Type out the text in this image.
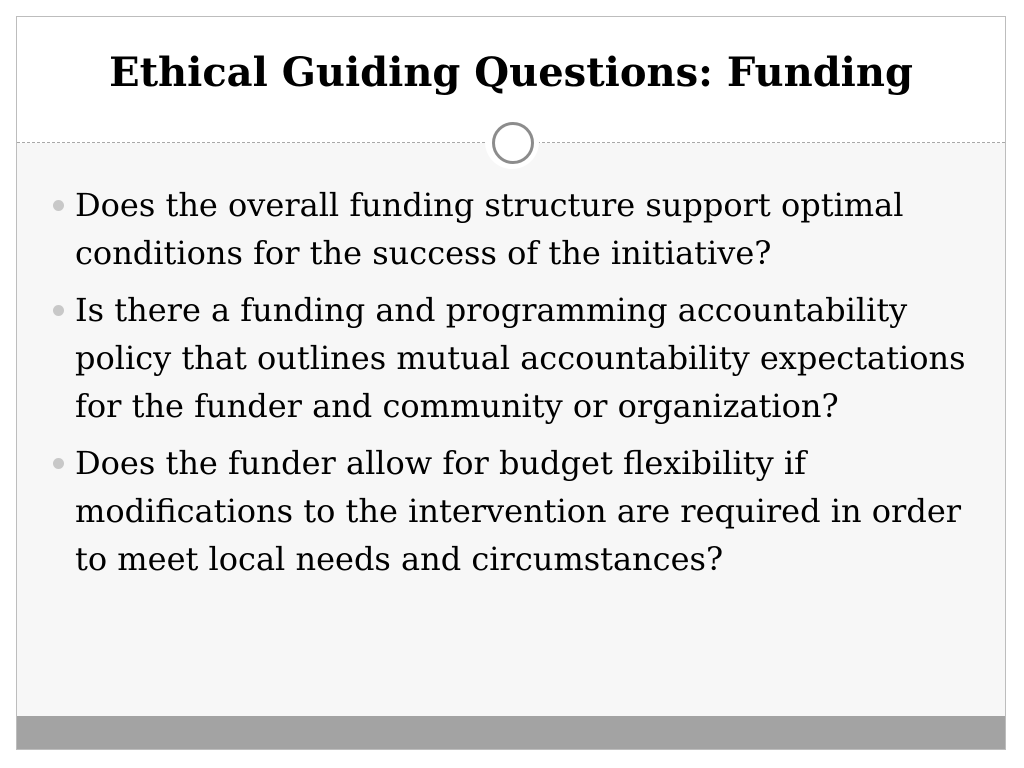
Ethical Guiding Questions: Funding
Does the overall funding structure support optimal conditions for the success of the initiative?
Is there a funding and programming accountability policy that outlines mutual accountability expectations for the funder and community or organization?
Does the funder allow for budget flexibility if modifications to the intervention are required in order to meet local needs and circumstances?
